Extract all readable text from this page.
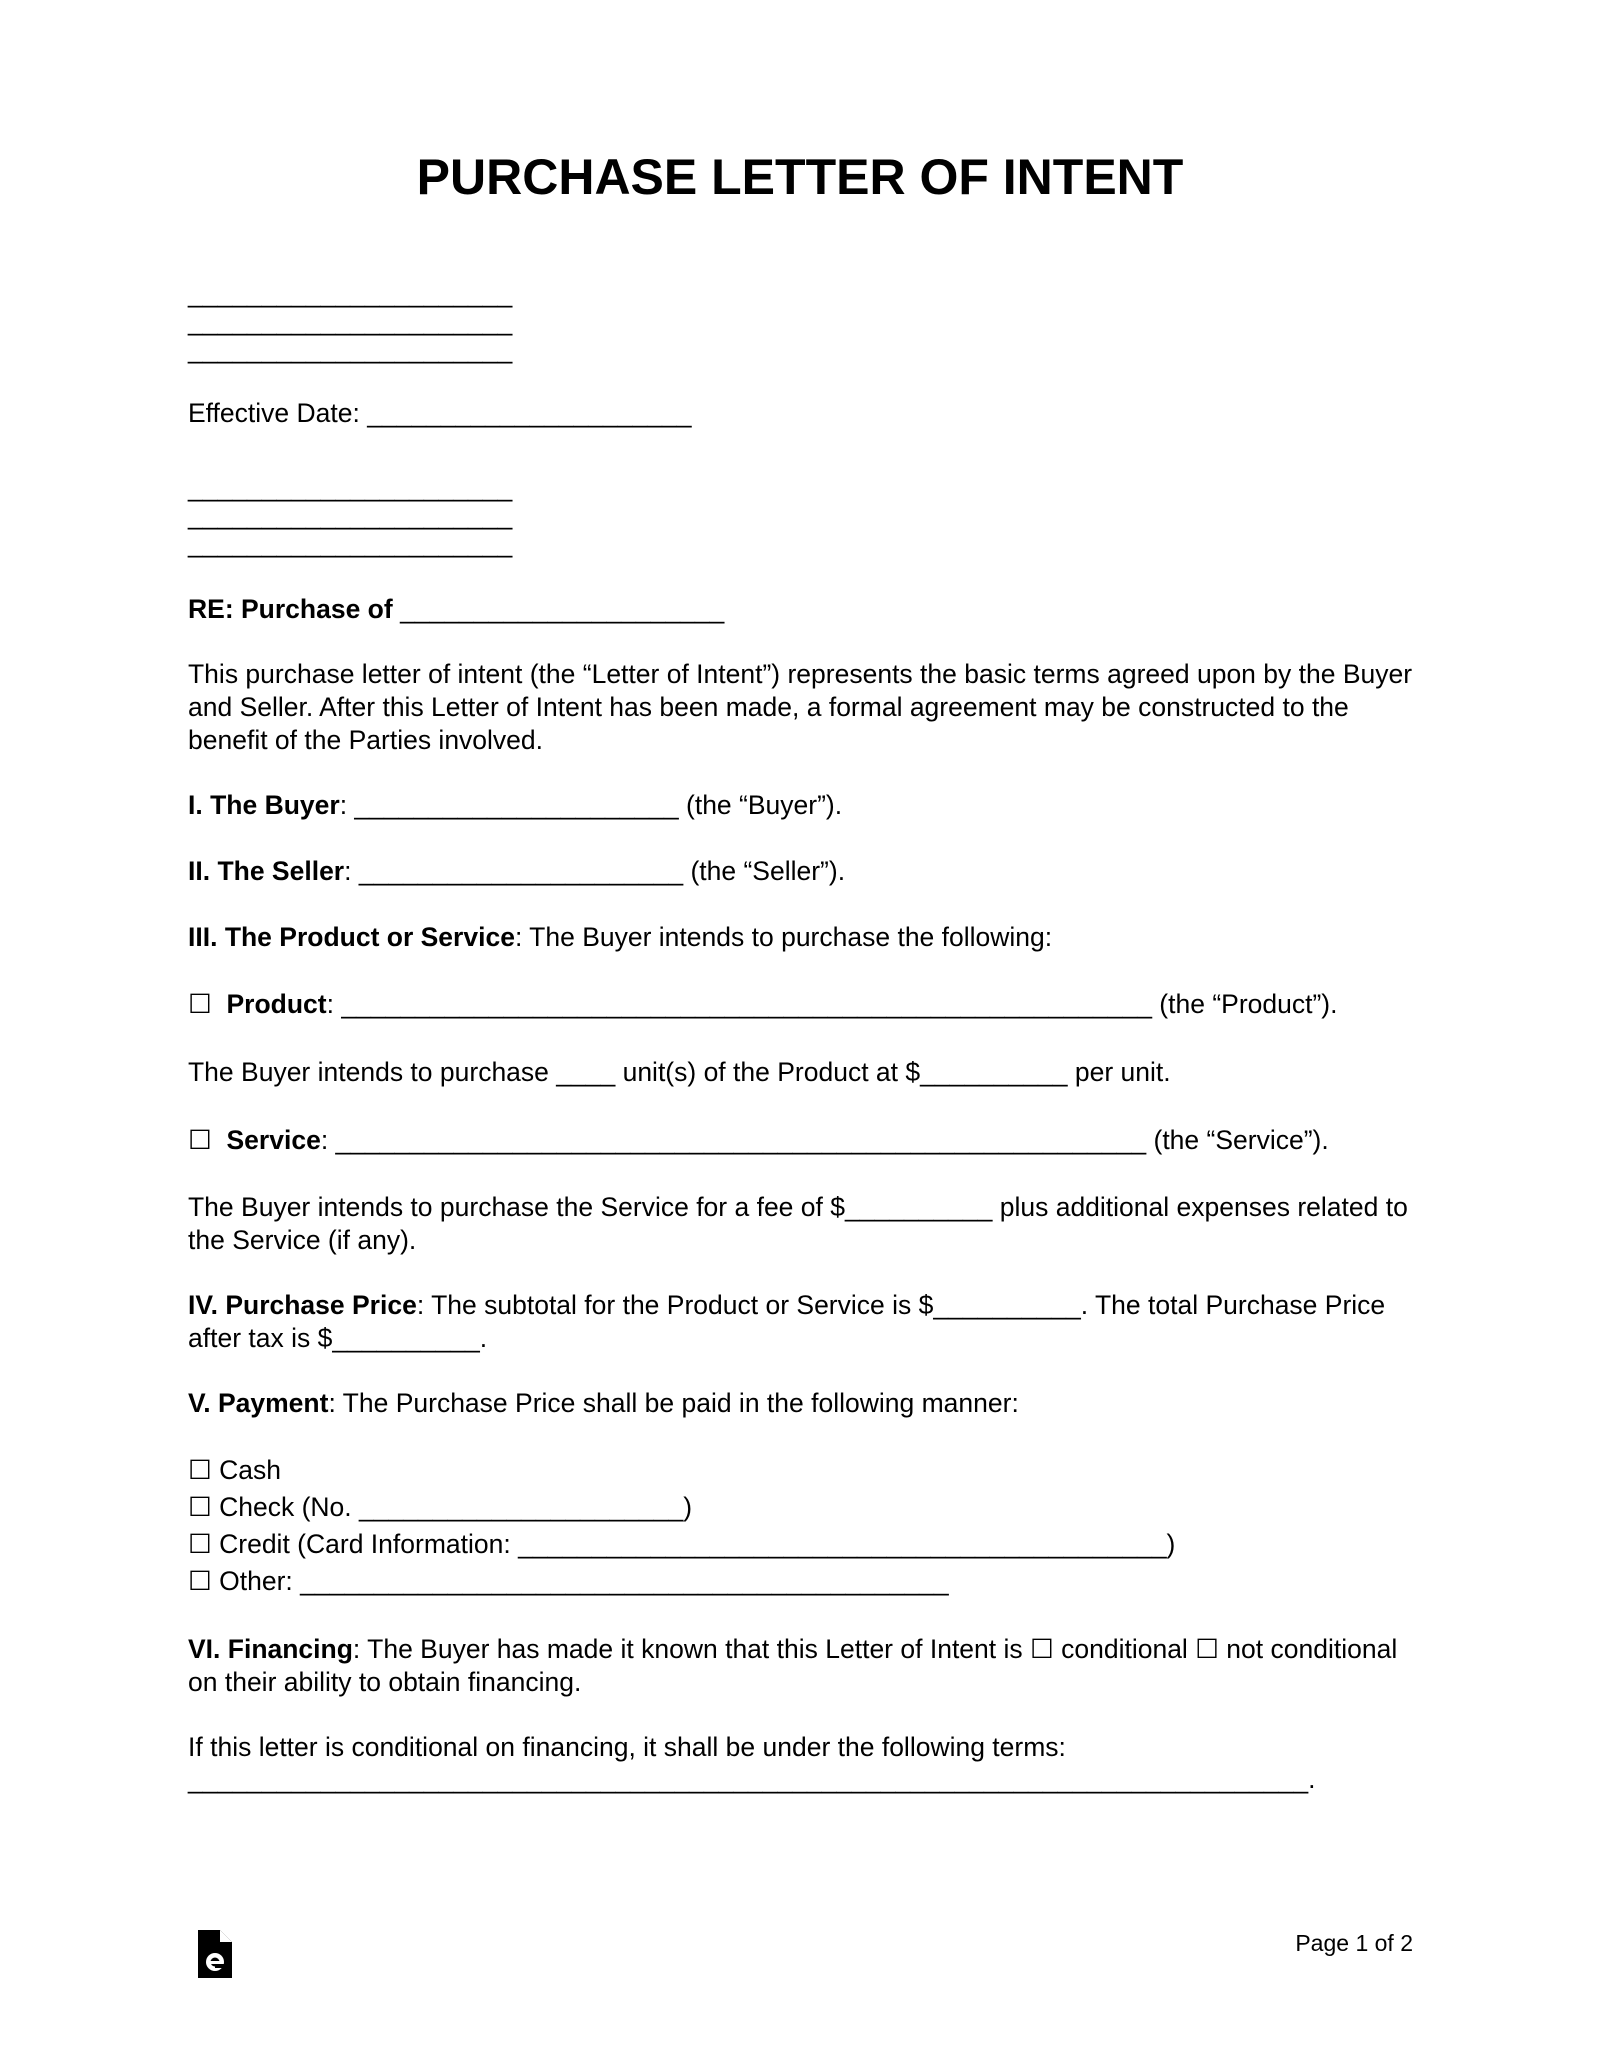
PURCHASE LETTER OF INTENT
______________________
______________________
______________________
Effective Date: ______________________
______________________
______________________
______________________
RE: Purchase of ______________________

This purchase letter of intent (the “Letter of Intent”) represents the basic terms agreed upon by the Buyer and Seller. After this Letter of Intent has been made, a formal agreement may be constructed to the benefit of the Parties involved.

I. The Buyer: ______________________ (the “Buyer”).
II. The Seller: ______________________ (the “Seller”).
III. The Product or Service: The Buyer intends to purchase the following:
☐ Product: _______________________________________________________ (the “Product”).
The Buyer intends to purchase ____ unit(s) of the Product at $__________ per unit.
☐ Service: _______________________________________________________ (the “Service”).

The Buyer intends to purchase the Service for a fee of $__________ plus additional expenses related to the Service (if any).

IV. Purchase Price: The subtotal for the Product or Service is $__________. The total Purchase Price after tax is $__________.

V. Payment: The Purchase Price shall be paid in the following manner:
☐ Cash
☐ Check (No. ______________________)
☐ Credit (Card Information: ____________________________________________)
☐ Other: ____________________________________________

VI. Financing: The Buyer has made it known that this Letter of Intent is ☐ conditional ☐ not conditional on their ability to obtain financing.

If this letter is conditional on financing, it shall be under the following terms:
____________________________________________________________________________.
Page 1 of 2
